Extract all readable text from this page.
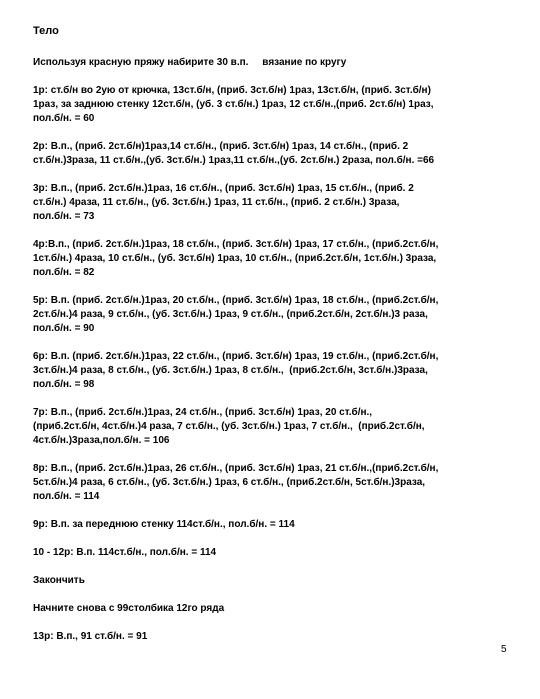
Тело
Используя красную пряжу набирите 30 в.п.     вязание по кругу
1р: ст.б/н во 2ую от крючка, 13ст.б/н, (приб. 3ст.б/н) 1раз, 13ст.б/н, (приб. 3ст.б/н)
1раз, за заднюю стенку 12ст.б/н, (уб. 3 ст.б/н.) 1раз, 12 ст.б/н.,(приб. 2ст.б/н) 1раз,
пол.б/н. = 60
2р: В.п., (приб. 2ст.б/н)1раз,14 ст.б/н., (приб. 3ст.б/н) 1раз, 14 ст.б/н., (приб. 2
ст.б/н.)3раза, 11 ст.б/н.,(уб. 3ст.б/н.) 1раз,11 ст.б/н.,(уб. 2ст.б/н.) 2раза, пол.б/н. =66
3р: В.п., (приб. 2ст.б/н.)1раз, 16 ст.б/н., (приб. 3ст.б/н) 1раз, 15 ст.б/н., (приб. 2
ст.б/н.) 4раза, 11 ст.б/н., (уб. 3ст.б/н.) 1раз, 11 ст.б/н., (приб. 2 ст.б/н.) 3раза,
пол.б/н. = 73
4р:В.п., (приб. 2ст.б/н.)1раз, 18 ст.б/н., (приб. 3ст.б/н) 1раз, 17 ст.б/н., (приб.2ст.б/н,
1ст.б/н.) 4раза, 10 ст.б/н., (уб. 3ст.б/н) 1раз, 10 ст.б/н., (приб.2ст.б/н, 1ст.б/н.) 3раза,
пол.б/н. = 82
5р: В.п. (приб. 2ст.б/н.)1раз, 20 ст.б/н., (приб. 3ст.б/н) 1раз, 18 ст.б/н., (приб.2ст.б/н,
2ст.б/н.)4 раза, 9 ст.б/н., (уб. 3ст.б/н.) 1раз, 9 ст.б/н., (приб.2ст.б/н, 2ст.б/н.)3 раза,
пол.б/н. = 90
6р: В.п. (приб. 2ст.б/н.)1раз, 22 ст.б/н., (приб. 3ст.б/н) 1раз, 19 ст.б/н., (приб.2ст.б/н,
3ст.б/н.)4 раза, 8 ст.б/н., (уб. 3ст.б/н.) 1раз, 8 ст.б/н.,  (приб.2ст.б/н, 3ст.б/н.)3раза,
пол.б/н. = 98
7р: В.п., (приб. 2ст.б/н.)1раз, 24 ст.б/н., (приб. 3ст.б/н) 1раз, 20 ст.б/н.,
(приб.2ст.б/н, 4ст.б/н.)4 раза, 7 ст.б/н., (уб. 3ст.б/н.) 1раз, 7 ст.б/н.,  (приб.2ст.б/н,
4ст.б/н.)3раза,пол.б/н. = 106
8р: В.п., (приб. 2ст.б/н.)1раз, 26 ст.б/н., (приб. 3ст.б/н) 1раз, 21 ст.б/н.,(приб.2ст.б/н,
5ст.б/н.)4 раза, 6 ст.б/н., (уб. 3ст.б/н.) 1раз, 6 ст.б/н., (приб.2ст.б/н, 5ст.б/н.)3раза,
пол.б/н. = 114
9р: В.п. за переднюю стенку 114ст.б/н., пол.б/н. = 114
10 - 12р: В.п. 114ст.б/н., пол.б/н. = 114
Закончить
Начните снова с 99столбика 12го ряда
13р: В.п., 91 ст.б/н. = 91
5
